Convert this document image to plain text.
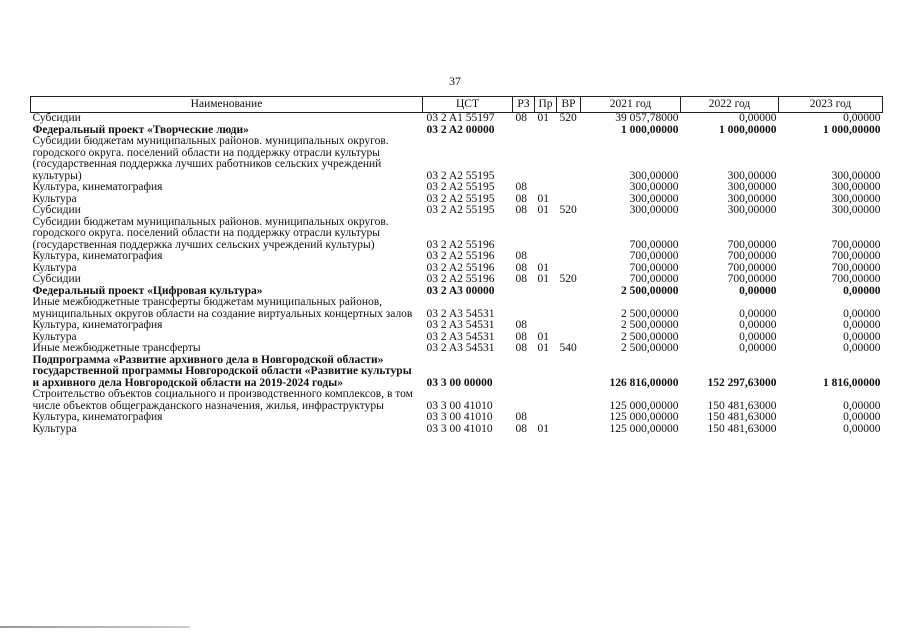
37
Наименование	ЦСТ	РЗ	Пр	ВР	2021 год	2022 год	2023 год
Субсидии	03 2 A1 55197	08	01	520	39 057,78000	0,00000	0,00000
Федеральный проект «Творческие люди»	03 2 A2 00000				1 000,00000	1 000,00000	1 000,00000
Субсидии бюджетам муниципальных районов. муниципальных округов. городского округа. поселений области на поддержку отрасли культуры (государственная поддержка лучших работников сельских учреждений культуры)	03 2 A2 55195				300,00000	300,00000	300,00000
Культура, кинематография	03 2 A2 55195	08			300,00000	300,00000	300,00000
Культура	03 2 A2 55195	08	01		300,00000	300,00000	300,00000
Субсидии	03 2 A2 55195	08	01	520	300,00000	300,00000	300,00000
Субсидии бюджетам муниципальных районов. муниципальных округов. городского округа. поселений области на поддержку отрасли культуры (государственная поддержка лучших сельских учреждений культуры)	03 2 A2 55196				700,00000	700,00000	700,00000
Культура, кинематография	03 2 A2 55196	08			700,00000	700,00000	700,00000
Культура	03 2 A2 55196	08	01		700,00000	700,00000	700,00000
Субсидии	03 2 A2 55196	08	01	520	700,00000	700,00000	700,00000
Федеральный проект «Цифровая культура»	03 2 A3 00000				2 500,00000	0,00000	0,00000
Иные межбюджетные трансферты бюджетам муниципальных районов, муниципальных округов области на создание виртуальных концертных залов	03 2 A3 54531				2 500,00000	0,00000	0,00000
Культура, кинематография	03 2 A3 54531	08			2 500,00000	0,00000	0,00000
Культура	03 2 A3 54531	08	01		2 500,00000	0,00000	0,00000
Иные межбюджетные трансферты	03 2 A3 54531	08	01	540	2 500,00000	0,00000	0,00000
Подпрограмма «Развитие архивного дела в Новгородской области» государственной программы Новгородской области «Развитие культуры и архивного дела Новгородской области на 2019-2024 годы»	03 3 00 00000				126 816,00000	152 297,63000	1 816,00000
Строительство объектов социального и производственного комплексов, в том числе объектов общегражданского назначения, жилья, инфраструктуры	03 3 00 41010				125 000,00000	150 481,63000	0,00000
Культура, кинематография	03 3 00 41010	08			125 000,00000	150 481,63000	0,00000
Культура	03 3 00 41010	08	01		125 000,00000	150 481,63000	0,00000
